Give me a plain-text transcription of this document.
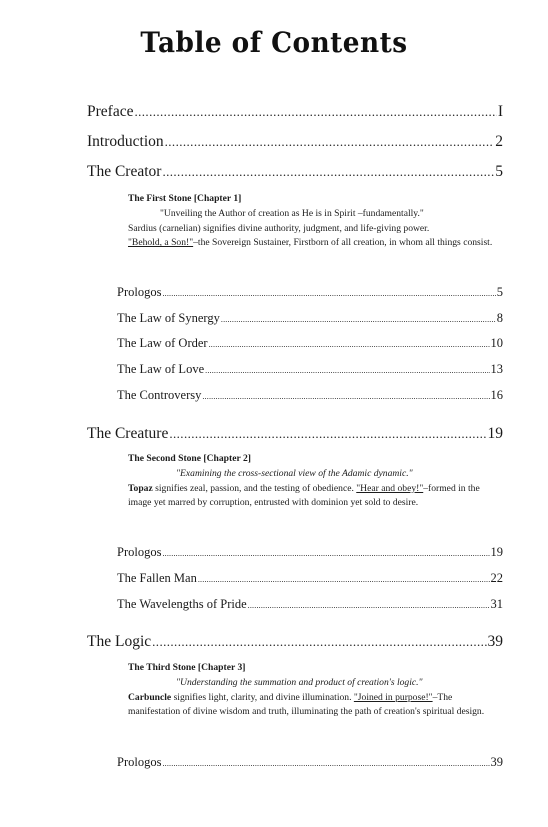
Table of Contents
Preface .....	I
Introduction .....	2
The Creator .....	5
The First Stone [Chapter 1]
"Unveiling the Author of creation as He is in Spirit –fundamentally."
Sardius (carnelian) signifies divine authority, judgment, and life-giving power.
"Behold, a Son!"–the Sovereign Sustainer, Firstborn of all creation, in whom all things consist.
Prologos .....	5
The Law of Synergy .....	8
The Law of Order .....	10
The Law of Love .....	13
The Controversy .....	16
The Creature .....	19
The Second Stone [Chapter 2]
"Examining the cross-sectional view of the Adamic dynamic."
Topaz signifies zeal, passion, and the testing of obedience. "Hear and obey!"–formed in the image yet marred by corruption, entrusted with dominion yet sold to desire.
Prologos .....	19
The Fallen Man .....	22
The Wavelengths of Pride .....	31
The Logic .....	39
The Third Stone [Chapter 3]
"Understanding the summation and product of creation's logic."
Carbuncle signifies light, clarity, and divine illumination. "Joined in purpose!"–The manifestation of divine wisdom and truth, illuminating the path of creation's spiritual design.
Prologos .....	39
